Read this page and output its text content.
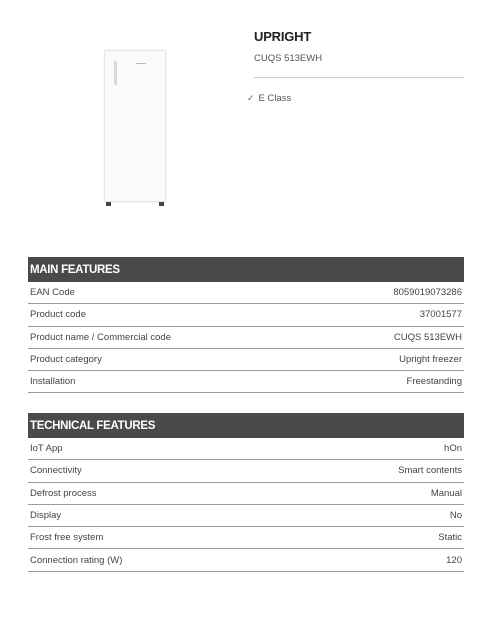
UPRIGHT
CUQS 513EWH
✓ E Class
MAIN FEATURES
EAN Code	8059019073286
Product code	37001577
Product name / Commercial code	CUQS 513EWH
Product category	Upright freezer
Installation	Freestanding
TECHNICAL FEATURES
IoT App	hOn
Connectivity	Smart contents
Defrost process	Manual
Display	No
Frost free system	Static
Connection rating (W)	120
